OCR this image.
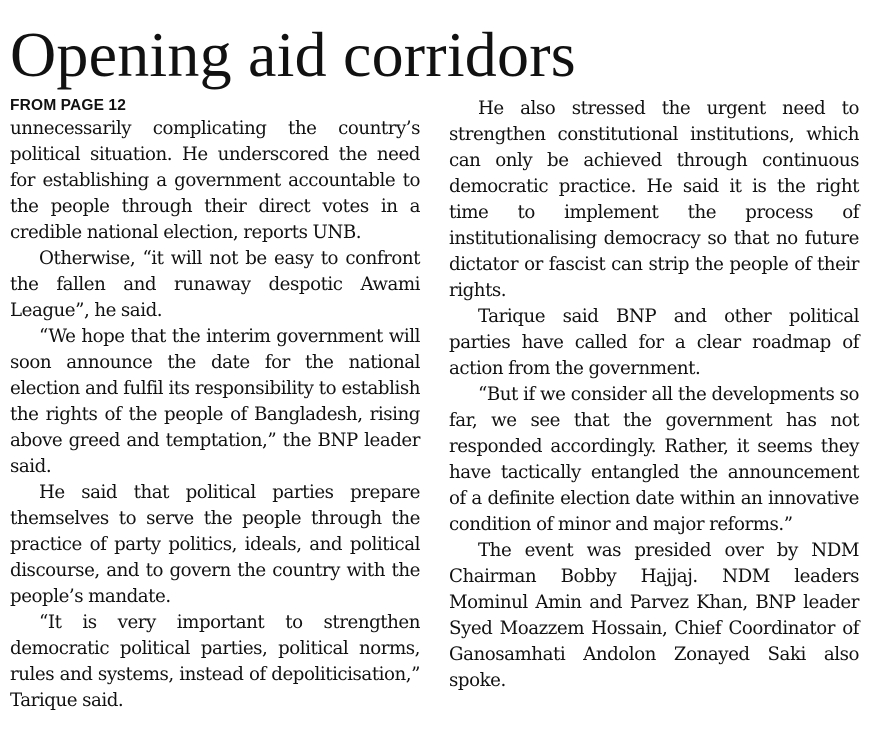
Opening aid corridors
FROM PAGE 12

unnecessarily complicating the country’s political situation. He underscored the need for establishing a government accountable to the people through their direct votes in a credible national election, reports UNB.

Otherwise, “it will not be easy to confront the fallen and runaway despotic Awami League”, he said.

“We hope that the interim government will soon announce the date for the national election and fulfil its responsibility to establish the rights of the people of Bangladesh, rising above greed and temptation,” the BNP leader said.

He said that political parties prepare themselves to serve the people through the practice of party politics, ideals, and political discourse, and to govern the country with the people’s mandate.

“It is very important to strengthen democratic political parties, political norms, rules and systems, instead of depoliticisation,” Tarique said.

He also stressed the urgent need to strengthen constitutional institutions, which can only be achieved through continuous democratic practice. He said it is the right time to implement the process of institutionalising democracy so that no future dictator or fascist can strip the people of their rights.

Tarique said BNP and other political parties have called for a clear roadmap of action from the government.

“But if we consider all the developments so far, we see that the government has not responded accordingly. Rather, it seems they have tactically entangled the announcement of a definite election date within an innovative condition of minor and major reforms.”

The event was presided over by NDM Chairman Bobby Hajjaj. NDM leaders Mominul Amin and Parvez Khan, BNP leader Syed Moazzem Hossain, Chief Coordinator of Ganosamhati Andolon Zonayed Saki also spoke.
